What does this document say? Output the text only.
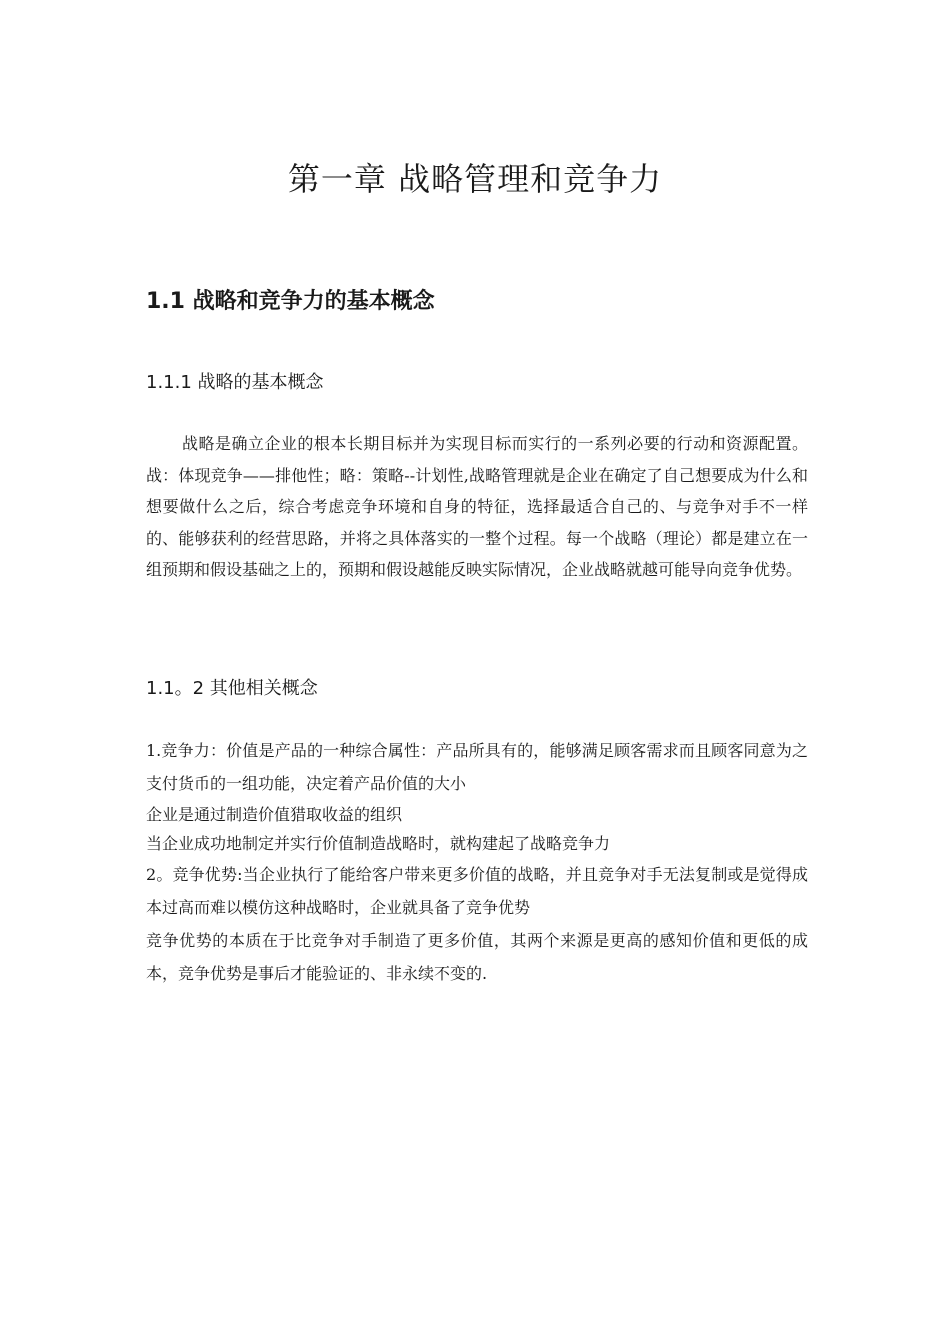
第一章 战略管理和竞争力
1.1 战略和竞争力的基本概念
1.1.1 战略的基本概念

战略是确立企业的根本长期目标并为实现目标而实行的一系列必要的行动和资源配置。战：体现竞争——排他性；略：策略--计划性,战略管理就是企业在确定了自己想要成为什么和想要做什么之后，综合考虑竞争环境和自身的特征，选择最适合自己的、与竞争对手不一样的、能够获利的经营思路，并将之具体落实的一整个过程。每一个战略（理论）都是建立在一组预期和假设基础之上的，预期和假设越能反映实际情况，企业战略就越可能导向竞争优势。

1.1。2 其他相关概念

1.竞争力：价值是产品的一种综合属性：产品所具有的，能够满足顾客需求而且顾客同意为之支付货币的一组功能，决定着产品价值的大小

企业是通过制造价值猎取收益的组织

当企业成功地制定并实行价值制造战略时，就构建起了战略竞争力

2。竞争优势:当企业执行了能给客户带来更多价值的战略，并且竞争对手无法复制或是觉得成本过高而难以模仿这种战略时，企业就具备了竞争优势

竞争优势的本质在于比竞争对手制造了更多价值，其两个来源是更高的感知价值和更低的成本，竞争优势是事后才能验证的、非永续不变的.
